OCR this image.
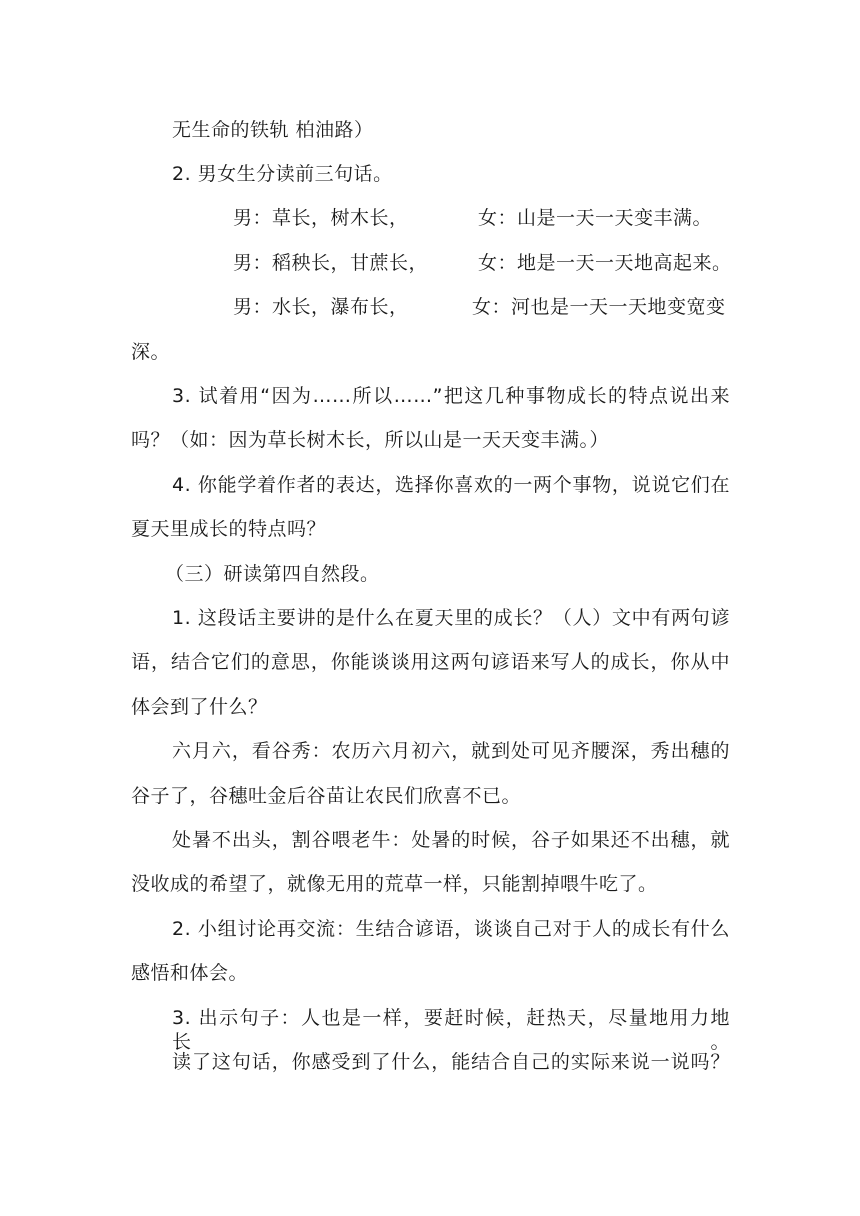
无生命的铁轨 柏油路）
2. 男女生分读前三句话。
男：草长，树木长，	女：山是一天一天变丰满。
男：稻秧长，甘蔗长，	女：地是一天一天地高起来。
男：水长，瀑布长，	女：河也是一天一天地变宽变
深。
3. 试着用“因为……所以……”把这几种事物成长的特点说出来
吗？（如：因为草长树木长，所以山是一天天变丰满。）
4. 你能学着作者的表达，选择你喜欢的一两个事物，说说它们在
夏天里成长的特点吗？
（三）研读第四自然段。
1. 这段话主要讲的是什么在夏天里的成长？（人）文中有两句谚
语，结合它们的意思，你能谈谈用这两句谚语来写人的成长，你从中
体会到了什么？
六月六，看谷秀：农历六月初六，就到处可见齐腰深，秀出穗的
谷子了，谷穗吐金后谷苗让农民们欣喜不已。
处暑不出头，割谷喂老牛：处暑的时候，谷子如果还不出穗，就
没收成的希望了，就像无用的荒草一样，只能割掉喂牛吃了。
2. 小组讨论再交流：生结合谚语，谈谈自己对于人的成长有什么
感悟和体会。
3. 出示句子：人也是一样，要赶时候，赶热天，尽量地用力地长。
读了这句话，你感受到了什么，能结合自己的实际来说一说吗？
